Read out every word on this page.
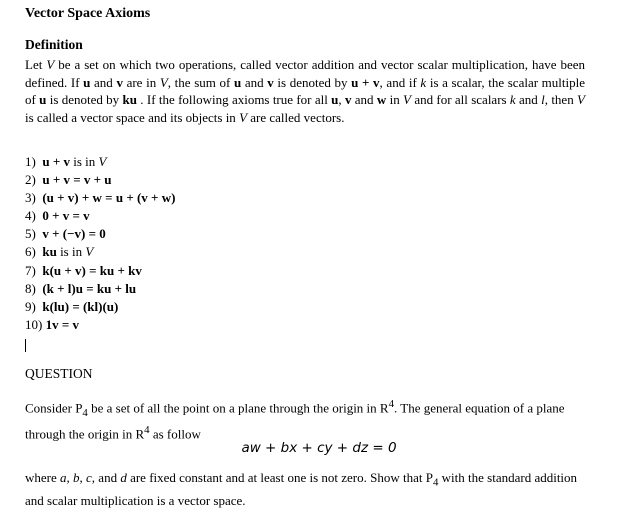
Vector Space Axioms
Definition
Let V be a set on which two operations, called vector addition and vector scalar multiplication, have been defined. If u and v are in V, the sum of u and v is denoted by u + v, and if k is a scalar, the scalar multiple of u is denoted by ku . If the following axioms true for all u, v and w in V and for all scalars k and l, then V is called a vector space and its objects in V are called vectors.
1) u + v is in V
2) u + v = v + u
3) (u + v) + w = u + (v + w)
4) 0 + v = v
5) v + (−v) = 0
6) ku is in V
7) k(u + v) = ku + kv
8) (k + l)u = ku + lu
9) k(lu) = (kl)(u)
10) 1v = v
QUESTION
Consider $P_4$ be a set of all the point on a plane through the origin in $R^4$. The general equation of a plane through the origin in $R^4$ as follow
aw + bx + cy + dz = 0
where a, b, c, and d are fixed constant and at least one is not zero. Show that $P_4$ with the standard addition and scalar multiplication is a vector space.
